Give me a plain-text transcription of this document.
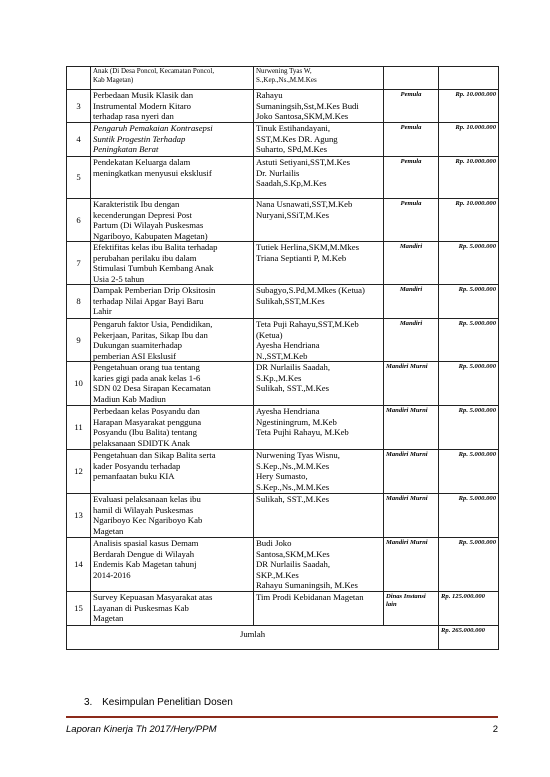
	Anak (Di Desa Poncol, Kecamatan Poncol,
Kab Magetan)	Nurwening Tyas W,
S.,Kep.,Ns.,M.M.Kes		

3	Perbedaan Musik Klasik dan
Instrumental Modern Kitaro
terhadap rasa nyeri dan	Rahayu
Sumaningsih,Sst,M.Kes Budi
Joko Santosa,SKM,M.Kes	Pemula	Rp. 10.000.000
4	Pengaruh Pemakaian Kontrasepsi
Suntik Progestin Terhadap
Peningkatan Berat	Tinuk Estihandayani,
SST,M.Kes DR. Agung
Suharto, SPd,M.Kes	Pemula	Rp. 10.000.000
5	Pendekatan Keluarga dalam
meningkatkan menyusui eksklusif	Astuti Setiyani,SST,M.Kes
Dr. Nurlailis
Saadah,S.Kp,M.Kes	Pemula	Rp. 10.000.000
6	Karakteristik Ibu dengan
kecenderungan Depresi Post
Partum (Di Wilayah Puskesmas
Ngariboyo, Kabupaten Magetan)	Nana Usnawati,SST,M.Keb
Nuryani,SSiT,M.Kes	Pemula	Rp. 10.000.000
7	Efektifitas kelas ibu Balita terhadap
perubahan perilaku ibu dalam
Stimulasi Tumbuh Kembang Anak
Usia 2-5 tahun	Tutiek Herlina,SKM,M.Mkes
Triana Septianti P, M.Keb	Mandiri	Rp. 5.000.000
8	Dampak Pemberian Drip Oksitosin
terhadap Nilai Apgar Bayi Baru
Lahir	Subagyo,S.Pd,M.Mkes (Ketua)
Sulikah,SST,M.Kes	Mandiri	Rp. 5.000.000
9	Pengaruh faktor Usia, Pendidikan,
Pekerjaan, Paritas, Sikap Ibu dan
Dukungan suamiterhadap
pemberian ASI Ekslusif	Teta Puji Rahayu,SST,M.Keb
(Ketua)
Ayesha Hendriana
N.,SST,M.Keb	Mandiri	Rp. 5.000.000
10	Pengetahuan orang tua tentang
karies gigi pada anak kelas 1-6
SDN 02 Desa Sirapan Kecamatan
Madiun Kab Madiun	DR Nurlailis Saadah,
S.Kp.,M.Kes
Sulikah, SST.,M.Kes	Mandiri Murni	Rp. 5.000.000
11	Perbedaan kelas Posyandu dan
Harapan Masyarakat pengguna
Posyandu (Ibu Balita) tentang
pelaksanaan SDIDTK Anak	Ayesha Hendriana
Ngestiningrum, M.Keb
Teta Pujhi Rahayu, M.Keb	Mandiri Murni	Rp. 5.000.000
12	Pengetahuan dan Sikap Balita serta
kader Posyandu terhadap
pemanfaatan buku KIA	Nurwening Tyas Wisnu,
S.Kep.,Ns.,M.M.Kes
Hery Sumasto,
S.Kep.,Ns.,M.M.Kes	Mandiri Murni	Rp. 5.000.000
13	Evaluasi pelaksanaan kelas ibu
hamil di Wilayah Puskesmas
Ngariboyo Kec Ngariboyo Kab
Magetan	Sulikah, SST.,M.Kes	Mandiri Murni	Rp. 5.000.000
14	Analisis spasial kasus Demam
Berdarah Dengue di Wilayah
Endemis Kab Magetan tahunj
2014-2016	Budi Joko
Santosa,SKM,M.Kes
DR Nurlailis Saadah,
SKP.,M.Kes
Rahayu Sumaningsih, M.Kes	Mandiri Murni	Rp. 5.000.000
15	Survey Kepuasan Masyarakat atas
Layanan di Puskesmas Kab
Magetan	Tim Prodi Kebidanan Magetan	Dinas Instansi lain	Rp. 125.000.000
Jumlah				Rp. 265.000.000
3. Kesimpulan Penelitian Dosen
Laporan Kinerja Th 2017/Hery/PPM	2
